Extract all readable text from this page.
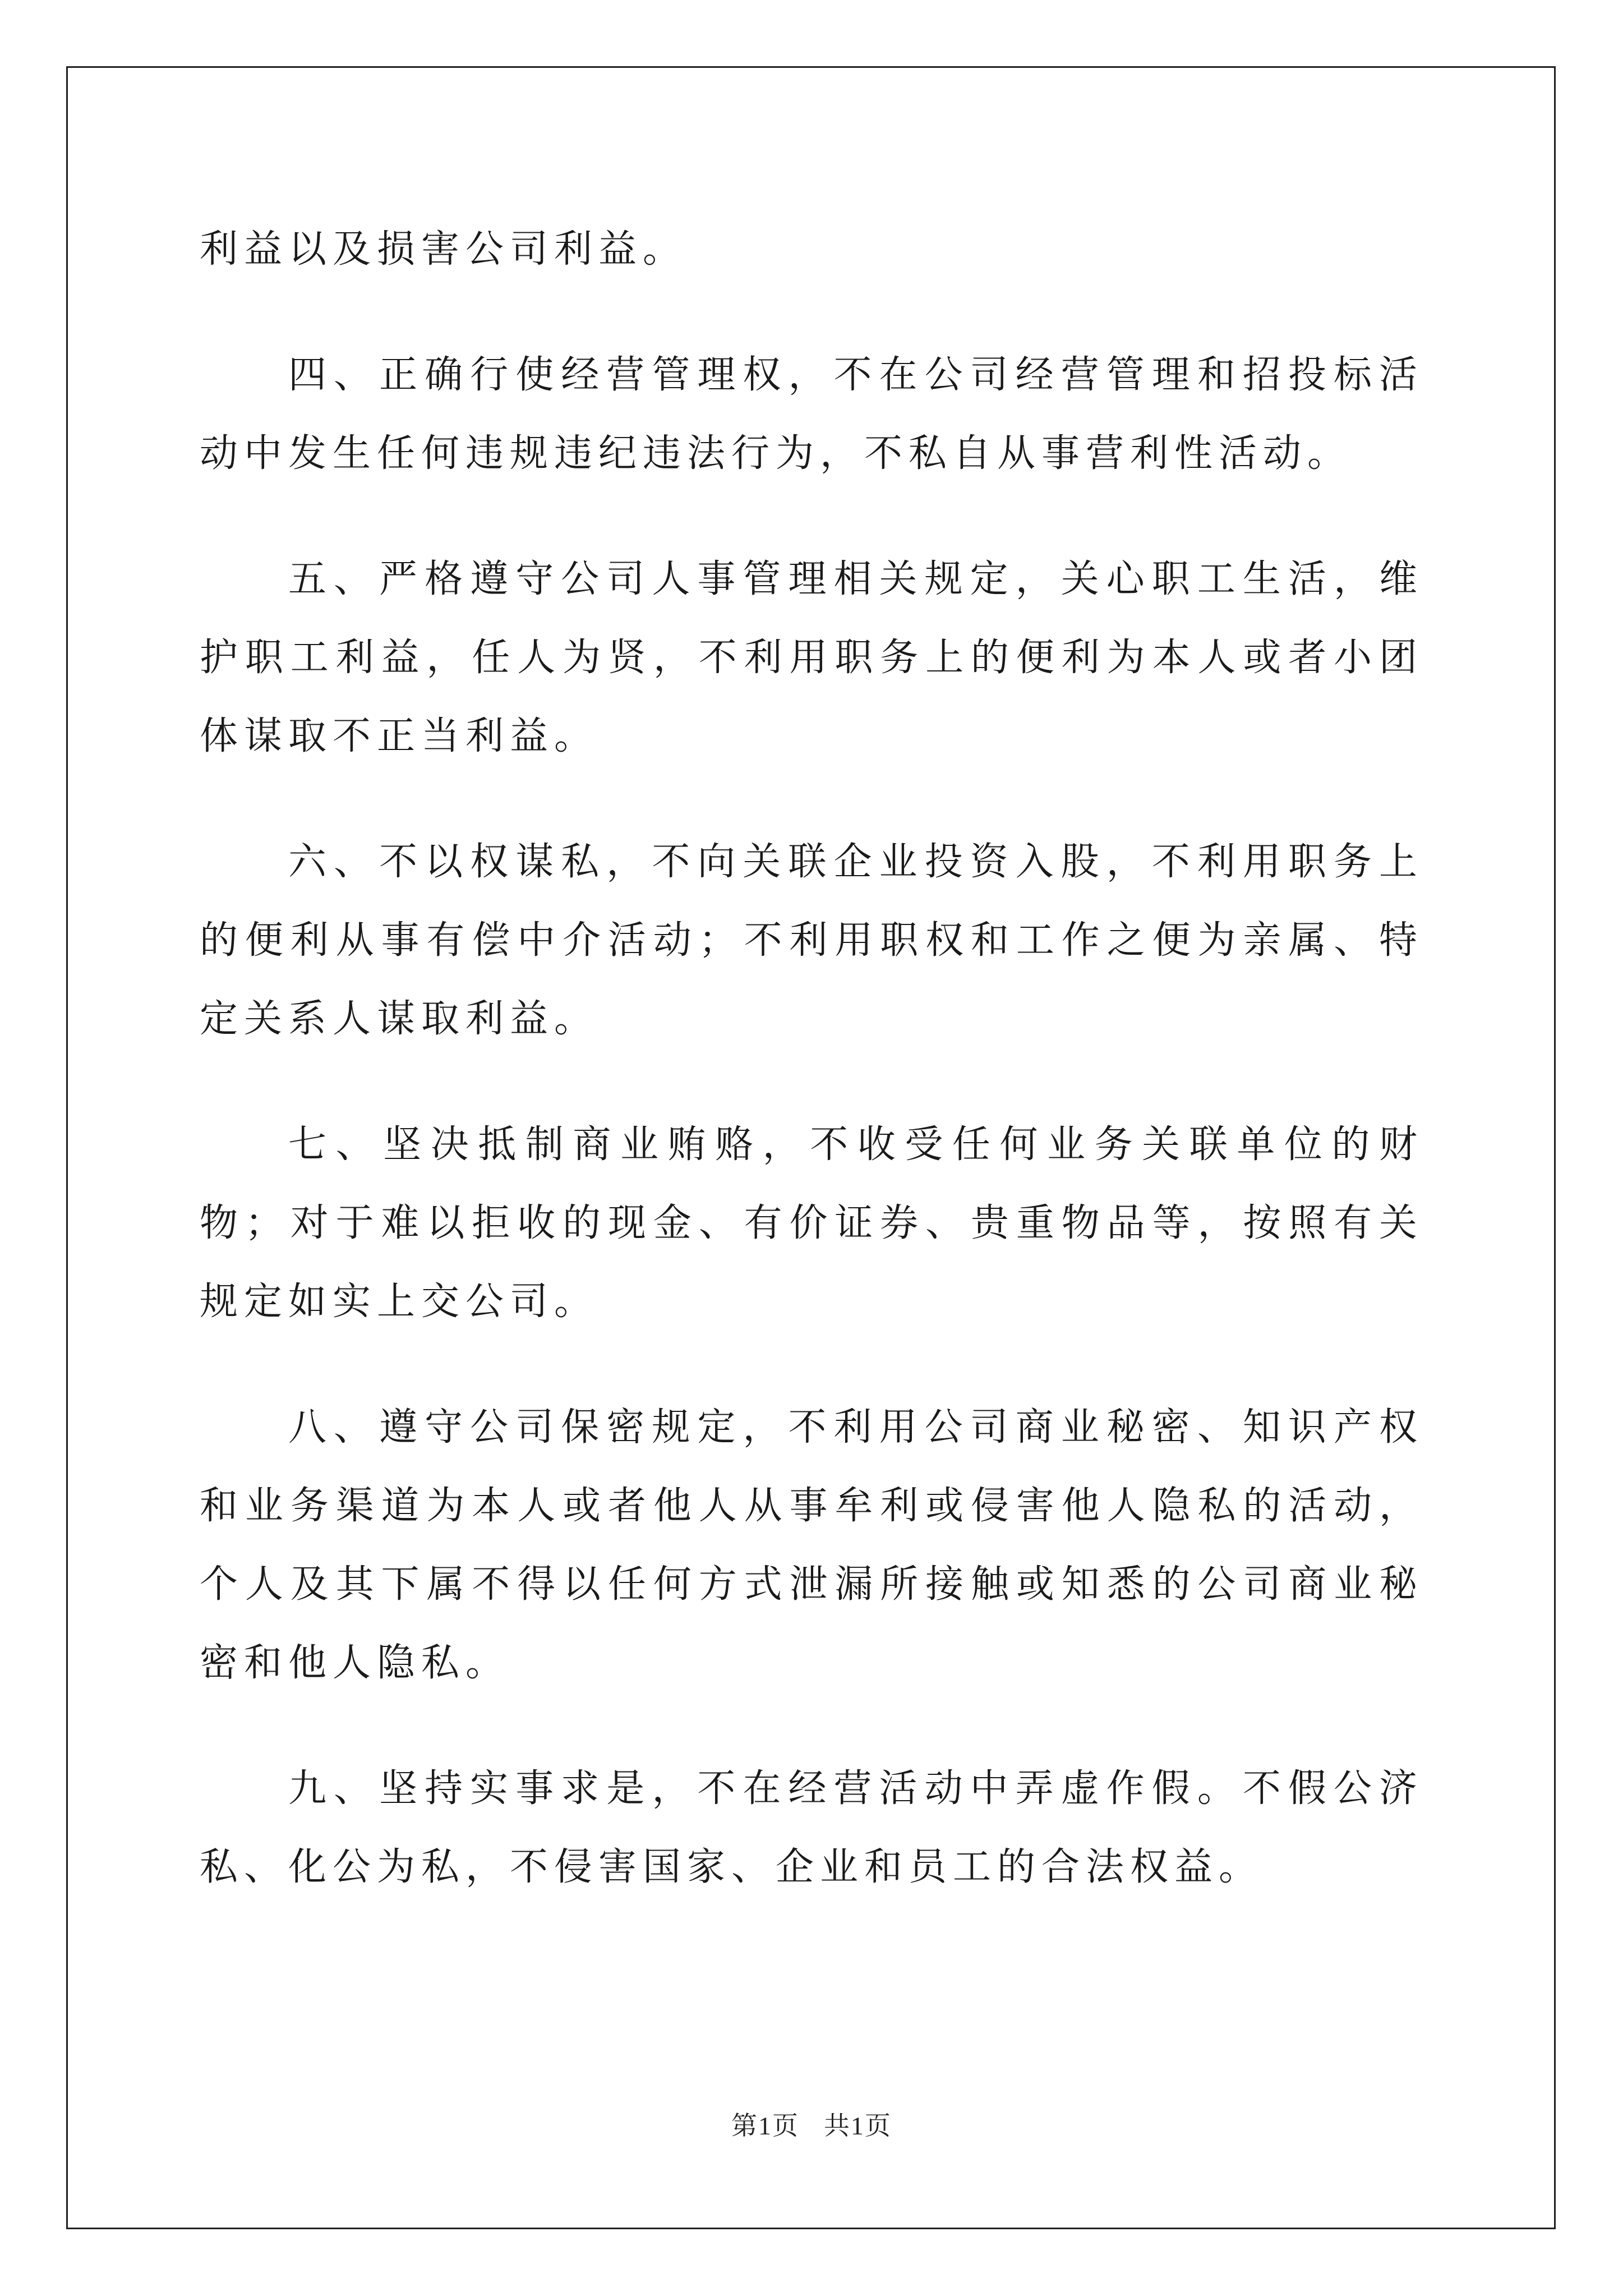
利益以及损害公司利益。

四、正确行使经营管理权，不在公司经营管理和招投标活动中发生任何违规违纪违法行为，不私自从事营利性活动。

五、严格遵守公司人事管理相关规定，关心职工生活，维护职工利益，任人为贤，不利用职务上的便利为本人或者小团体谋取不正当利益。

六、不以权谋私，不向关联企业投资入股，不利用职务上的便利从事有偿中介活动；不利用职权和工作之便为亲属、特定关系人谋取利益。

七、坚决抵制商业贿赂，不收受任何业务关联单位的财物；对于难以拒收的现金、有价证券、贵重物品等，按照有关规定如实上交公司。

八、遵守公司保密规定，不利用公司商业秘密、知识产权和业务渠道为本人或者他人从事牟利或侵害他人隐私的活动，个人及其下属不得以任何方式泄漏所接触或知悉的公司商业秘密和他人隐私。

九、坚持实事求是，不在经营活动中弄虚作假。不假公济私、化公为私，不侵害国家、企业和员工的合法权益。

第1页 共1页
